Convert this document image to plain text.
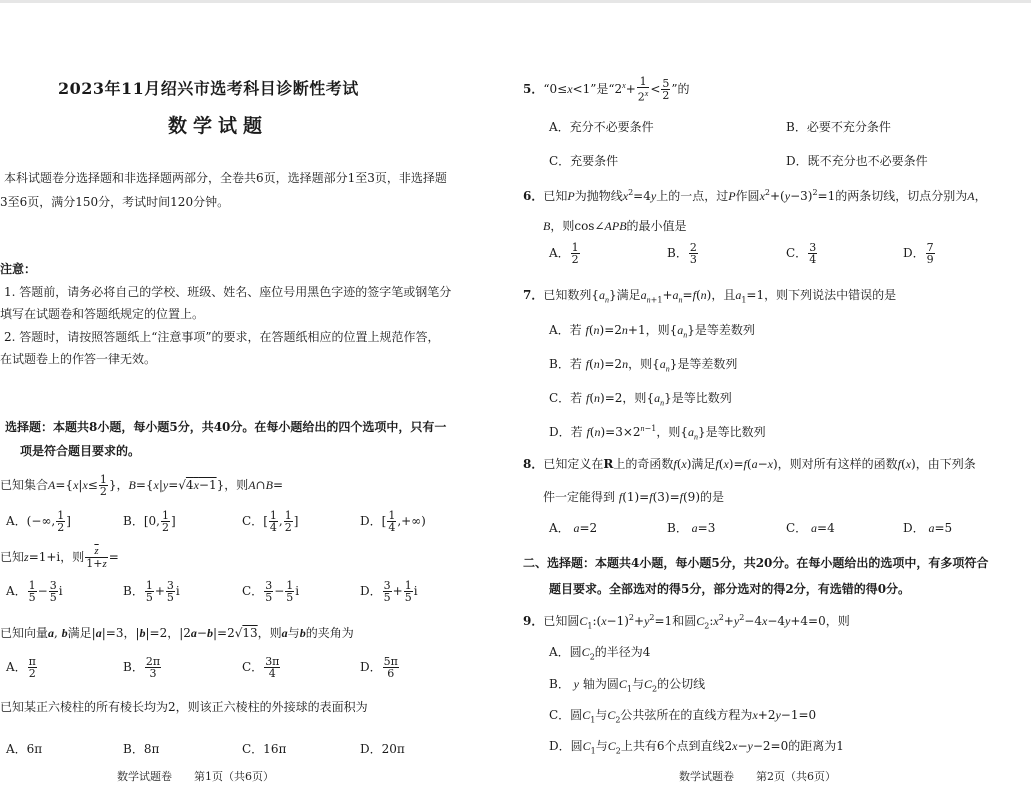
2023年11月绍兴市选考科目诊断性考试
数学试题
本科试题卷分选择题和非选择题两部分，全卷共6页，选择题部分1至3页，非选择题
3至6页，满分150分，考试时间120分钟。
注意：
1. 答题前，请务必将自己的学校、班级、姓名、座位号用黑色字迹的签字笔或钢笔分
填写在试题卷和答题纸规定的位置上。
2. 答题时，请按照答题纸上“注意事项”的要求，在答题纸相应的位置上规范作答，
在试题卷上的作答一律无效。
选择题：本题共8小题，每小题5分，共40分。在每小题给出的四个选项中，只有一
项是符合题目要求的。
已知集合$A=\{x|x\le \frac{1}{2}$ }，B={x|y=√4x−1}，则A∩B=
A．(−∞, $\frac{1}{2}$ ]	B．[0, $\frac{1}{2}$ ]	C．[ $\frac{1}{4}$ , $\frac{1}{2}$ ]	D．[ $\frac{1}{4}$ ,+∞)
已知z=1+i，则 $\frac{\overline{z}}{1+z}$ =
A． $\frac{1}{5} - \frac{3}{5}$ i	B． $\frac{1}{5} + \frac{3}{5}$ i	C． $\frac{3}{5} - \frac{1}{5}$ i	D． $\frac{3}{5} + \frac{1}{5}$ i
已知向量a, b满足|a|=3，|b|=2，|2a−b|=2√13，则a与b的夹角为
A． $\frac{\pi}{2}$	B． $\frac{2\pi}{3}$	C． $\frac{3\pi}{4}$	D． $\frac{5\pi}{6}$
已知某正六棱柱的所有棱长均为2，则该正六棱柱的外接球的表面积为
A．6π	B．8π	C．16π	D．20π
数学试题卷　　第1页（共6页）
5．“0≤x<1”是“$2^x+ \frac{1}{2^x} < \frac{5}{2}$ ”的
A．充分不必要条件	B．必要不充分条件
C．充要条件	D．既不充分也不必要条件
6．已知P为抛物线$x^2=4y$上的一点，过P作圆$x^2+(y-3)^2=1$的两条切线，切点分别为A，
B，则cos∠APB的最小值是
A． $\frac{1}{2}$	B． $\frac{2}{3}$	C． $\frac{3}{4}$	D． $\frac{7}{9}$
7．已知数列$\{a_n\}$满足$a_{n+1}+a_n=f(n)$，且$a_1=1$，则下列说法中错误的是
A．若 f(n)=2n+1，则$\{a_n\}$是等差数列
B．若 f(n)=2n，则$\{a_n\}$是等差数列
C．若 f(n)=2，则$\{a_n\}$是等比数列
D．若 $f(n)=3\times 2^{n-1}$，则$\{a_n\}$是等比数列
8．已知定义在R上的奇函数f(x)满足f(x)=f(a−x)，则对所有这样的函数f(x)，由下列条
件一定能得到 f(1)=f(3)=f(9)的是
A． a=2	B． a=3	C． a=4	D． a=5
二、选择题：本题共4小题，每小题5分，共20分。在每小题给出的选项中，有多项符合
题目要求。全部选对的得5分，部分选对的得2分，有选错的得0分。
9．已知圆$C_1:(x-1)^2+y^2=1$和圆$C_2:x^2+y^2-4x-4y+4=0$，则
A．圆$C_2$的半径为4
B． y 轴为圆$C_1$与$C_2$的公切线
C．圆$C_1$与$C_2$公共弦所在的直线方程为x+2y−1=0
D．圆$C_1$与$C_2$上共有6个点到直线2x−y−2=0的距离为1
数学试题卷　　第2页（共6页）
